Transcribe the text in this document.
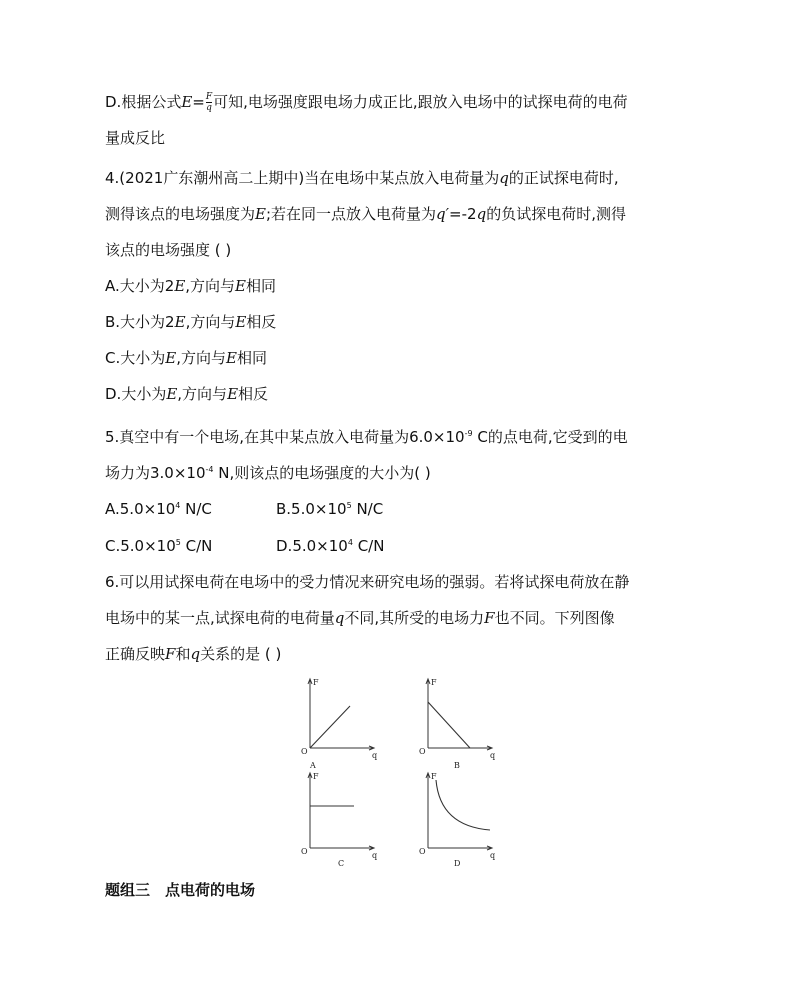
D.根据公式$E= \frac{F}{q}$ 可知,电场强度跟电场力成正比,跟放入电场中的试探电荷的电荷
量成反比
4.(2021广东潮州高二上期中)当在电场中某点放入电荷量为q的正试探电荷时,
测得该点的电场强度为E;若在同一点放入电荷量为q′=-2q的负试探电荷时,测得
该点的电场强度 ( )
A.大小为2E,方向与E相同
B.大小为2E,方向与E相反
C.大小为E,方向与E相同
D.大小为E,方向与E相反
5.真空中有一个电场,在其中某点放入电荷量为$6.0\times 10^{-9}$ C的点电荷,它受到的电
场力为$3.0\times 10^{-4}$ N,则该点的电场强度的大小为( )
$A.5.0\times 10^4$ N/C	$B.5.0\times 10^5$ N/C
$C.5.0\times 10^5$ C/N	$D.5.0\times 10^4$ C/N
6.可以用试探电荷在电场中的受力情况来研究电场的强弱。若将试探电荷放在静
电场中的某一点,试探电荷的电荷量q不同,其所受的电场力F也不同。下列图像
正确反映F和q关系的是 ( )
F
O	q
A
F
O	q
B
F
O	q
C
F
O	q
D
题组三　点电荷的电场
